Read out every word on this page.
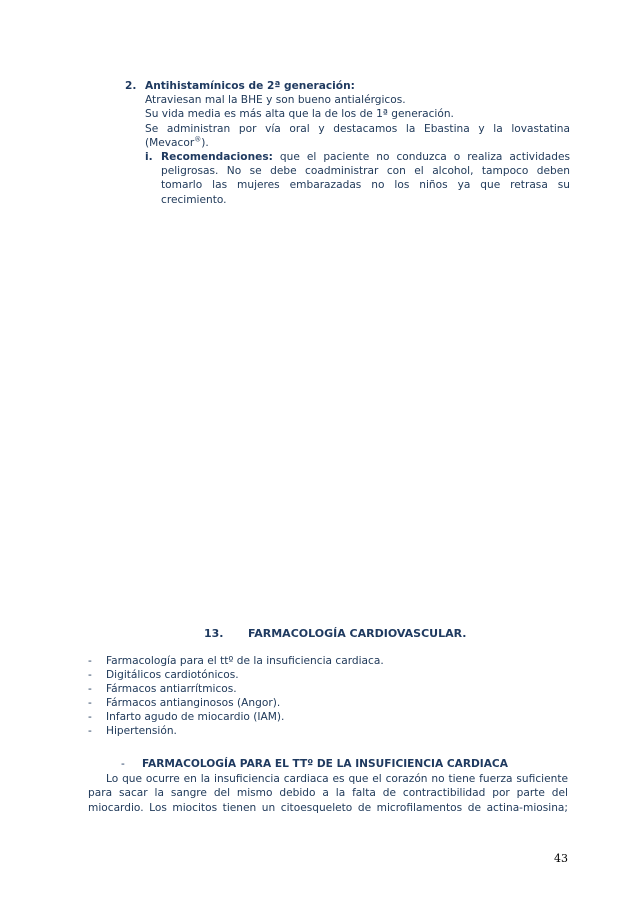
2. Antihistamínicos de 2ª generación:
Atraviesan mal la BHE y son bueno antialérgicos.
Su vida media es más alta que la de los de 1ª generación.
Se administran por vía oral y destacamos la Ebastina y la lovastatina
(Mevacor®).
i. Recomendaciones: que el paciente no conduzca o realiza actividades
peligrosas. No se debe coadministrar con el alcohol, tampoco deben
tomarlo las mujeres embarazadas no los niños ya que retrasa su
crecimiento.
13.	FARMACOLOGÍA CARDIOVASCULAR.
-	Farmacología para el ttº de la insuficiencia cardiaca.
-	Digitálicos cardiotónicos.
-	Fármacos antiarrítmicos.
-	Fármacos antianginosos (Angor).
-	Infarto agudo de miocardio (IAM).
-	Hipertensión.
-	FARMACOLOGÍA PARA EL TTº DE LA INSUFICIENCIA CARDIACA
Lo que ocurre en la insuficiencia cardiaca es que el corazón no tiene fuerza suficiente
para sacar la sangre del mismo debido a la falta de contractibilidad por parte del
miocardio. Los miocitos tienen un citoesqueleto de microfilamentos de actina-miosina;
43
